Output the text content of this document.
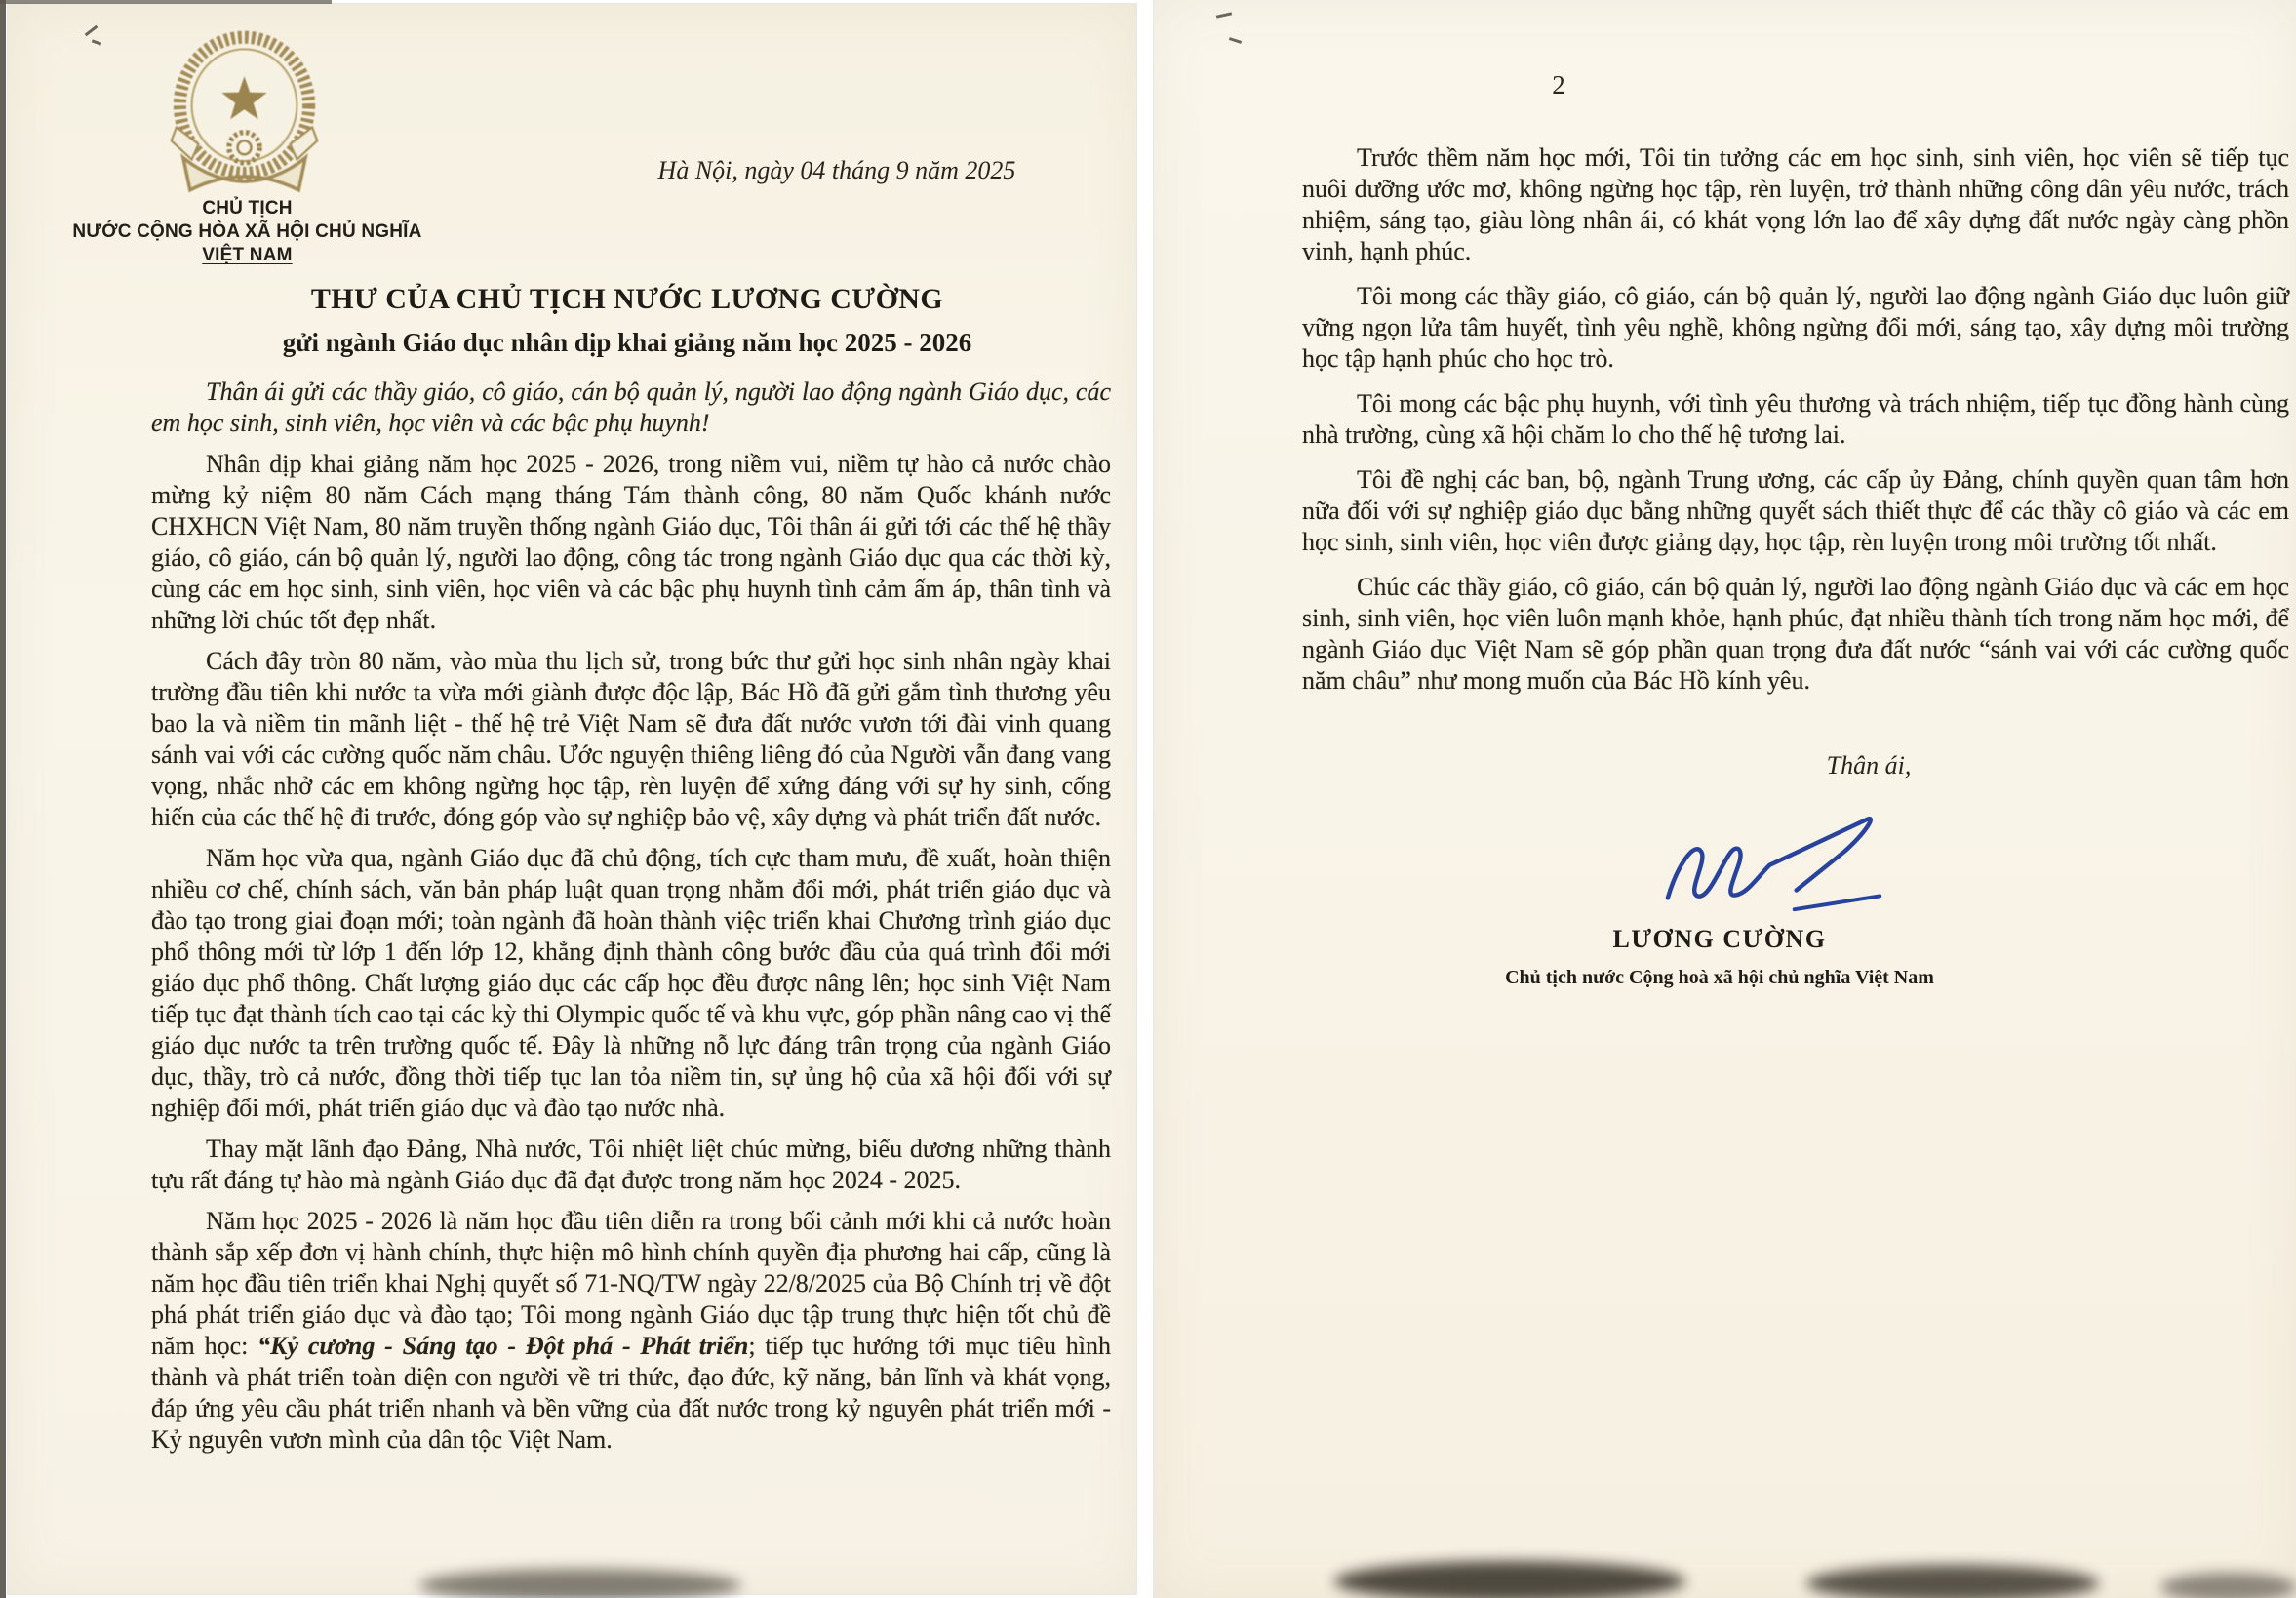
CHỦ TỊCH
NƯỚC CỘNG HÒA XÃ HỘI CHỦ NGHĨA
VIỆT NAM
Hà Nội, ngày 04 tháng 9 năm 2025
THƯ CỦA CHỦ TỊCH NƯỚC LƯƠNG CƯỜNG
gửi ngành Giáo dục nhân dịp khai giảng năm học 2025 - 2026

Thân ái gửi các thầy giáo, cô giáo, cán bộ quản lý, người lao động ngành Giáo dục, các em học sinh, sinh viên, học viên và các bậc phụ huynh!

Nhân dịp khai giảng năm học 2025 - 2026, trong niềm vui, niềm tự hào cả nước chào mừng kỷ niệm 80 năm Cách mạng tháng Tám thành công, 80 năm Quốc khánh nước CHXHCN Việt Nam, 80 năm truyền thống ngành Giáo dục, Tôi thân ái gửi tới các thế hệ thầy giáo, cô giáo, cán bộ quản lý, người lao động, công tác trong ngành Giáo dục qua các thời kỳ, cùng các em học sinh, sinh viên, học viên và các bậc phụ huynh tình cảm ấm áp, thân tình và những lời chúc tốt đẹp nhất.

Cách đây tròn 80 năm, vào mùa thu lịch sử, trong bức thư gửi học sinh nhân ngày khai trường đầu tiên khi nước ta vừa mới giành được độc lập, Bác Hồ đã gửi gắm tình thương yêu bao la và niềm tin mãnh liệt - thế hệ trẻ Việt Nam sẽ đưa đất nước vươn tới đài vinh quang sánh vai với các cường quốc năm châu. Ước nguyện thiêng liêng đó của Người vẫn đang vang vọng, nhắc nhở các em không ngừng học tập, rèn luyện để xứng đáng với sự hy sinh, cống hiến của các thế hệ đi trước, đóng góp vào sự nghiệp bảo vệ, xây dựng và phát triển đất nước.

Năm học vừa qua, ngành Giáo dục đã chủ động, tích cực tham mưu, đề xuất, hoàn thiện nhiều cơ chế, chính sách, văn bản pháp luật quan trọng nhằm đổi mới, phát triển giáo dục và đào tạo trong giai đoạn mới; toàn ngành đã hoàn thành việc triển khai Chương trình giáo dục phổ thông mới từ lớp 1 đến lớp 12, khẳng định thành công bước đầu của quá trình đổi mới giáo dục phổ thông. Chất lượng giáo dục các cấp học đều được nâng lên; học sinh Việt Nam tiếp tục đạt thành tích cao tại các kỳ thi Olympic quốc tế và khu vực, góp phần nâng cao vị thế giáo dục nước ta trên trường quốc tế. Đây là những nỗ lực đáng trân trọng của ngành Giáo dục, thầy, trò cả nước, đồng thời tiếp tục lan tỏa niềm tin, sự ủng hộ của xã hội đối với sự nghiệp đổi mới, phát triển giáo dục và đào tạo nước nhà.

Thay mặt lãnh đạo Đảng, Nhà nước, Tôi nhiệt liệt chúc mừng, biểu dương những thành tựu rất đáng tự hào mà ngành Giáo dục đã đạt được trong năm học 2024 - 2025.

Năm học 2025 - 2026 là năm học đầu tiên diễn ra trong bối cảnh mới khi cả nước hoàn thành sắp xếp đơn vị hành chính, thực hiện mô hình chính quyền địa phương hai cấp, cũng là năm học đầu tiên triển khai Nghị quyết số 71-NQ/TW ngày 22/8/2025 của Bộ Chính trị về đột phá phát triển giáo dục và đào tạo; Tôi mong ngành Giáo dục tập trung thực hiện tốt chủ đề năm học: “Kỷ cương - Sáng tạo - Đột phá - Phát triển; tiếp tục hướng tới mục tiêu hình thành và phát triển toàn diện con người về tri thức, đạo đức, kỹ năng, bản lĩnh và khát vọng, đáp ứng yêu cầu phát triển nhanh và bền vững của đất nước trong kỷ nguyên phát triển mới - Kỷ nguyên vươn mình của dân tộc Việt Nam.

2

Trước thềm năm học mới, Tôi tin tưởng các em học sinh, sinh viên, học viên sẽ tiếp tục nuôi dưỡng ước mơ, không ngừng học tập, rèn luyện, trở thành những công dân yêu nước, trách nhiệm, sáng tạo, giàu lòng nhân ái, có khát vọng lớn lao để xây dựng đất nước ngày càng phồn vinh, hạnh phúc.

Tôi mong các thầy giáo, cô giáo, cán bộ quản lý, người lao động ngành Giáo dục luôn giữ vững ngọn lửa tâm huyết, tình yêu nghề, không ngừng đổi mới, sáng tạo, xây dựng môi trường học tập hạnh phúc cho học trò.

Tôi mong các bậc phụ huynh, với tình yêu thương và trách nhiệm, tiếp tục đồng hành cùng nhà trường, cùng xã hội chăm lo cho thế hệ tương lai.

Tôi đề nghị các ban, bộ, ngành Trung ương, các cấp ủy Đảng, chính quyền quan tâm hơn nữa đối với sự nghiệp giáo dục bằng những quyết sách thiết thực để các thầy cô giáo và các em học sinh, sinh viên, học viên được giảng dạy, học tập, rèn luyện trong môi trường tốt nhất.

Chúc các thầy giáo, cô giáo, cán bộ quản lý, người lao động ngành Giáo dục và các em học sinh, sinh viên, học viên luôn mạnh khỏe, hạnh phúc, đạt nhiều thành tích trong năm học mới, để ngành Giáo dục Việt Nam sẽ góp phần quan trọng đưa đất nước “sánh vai với các cường quốc năm châu” như mong muốn của Bác Hồ kính yêu.

Thân ái,
LƯƠNG CƯỜNG
Chủ tịch nước Cộng hoà xã hội chủ nghĩa Việt Nam
